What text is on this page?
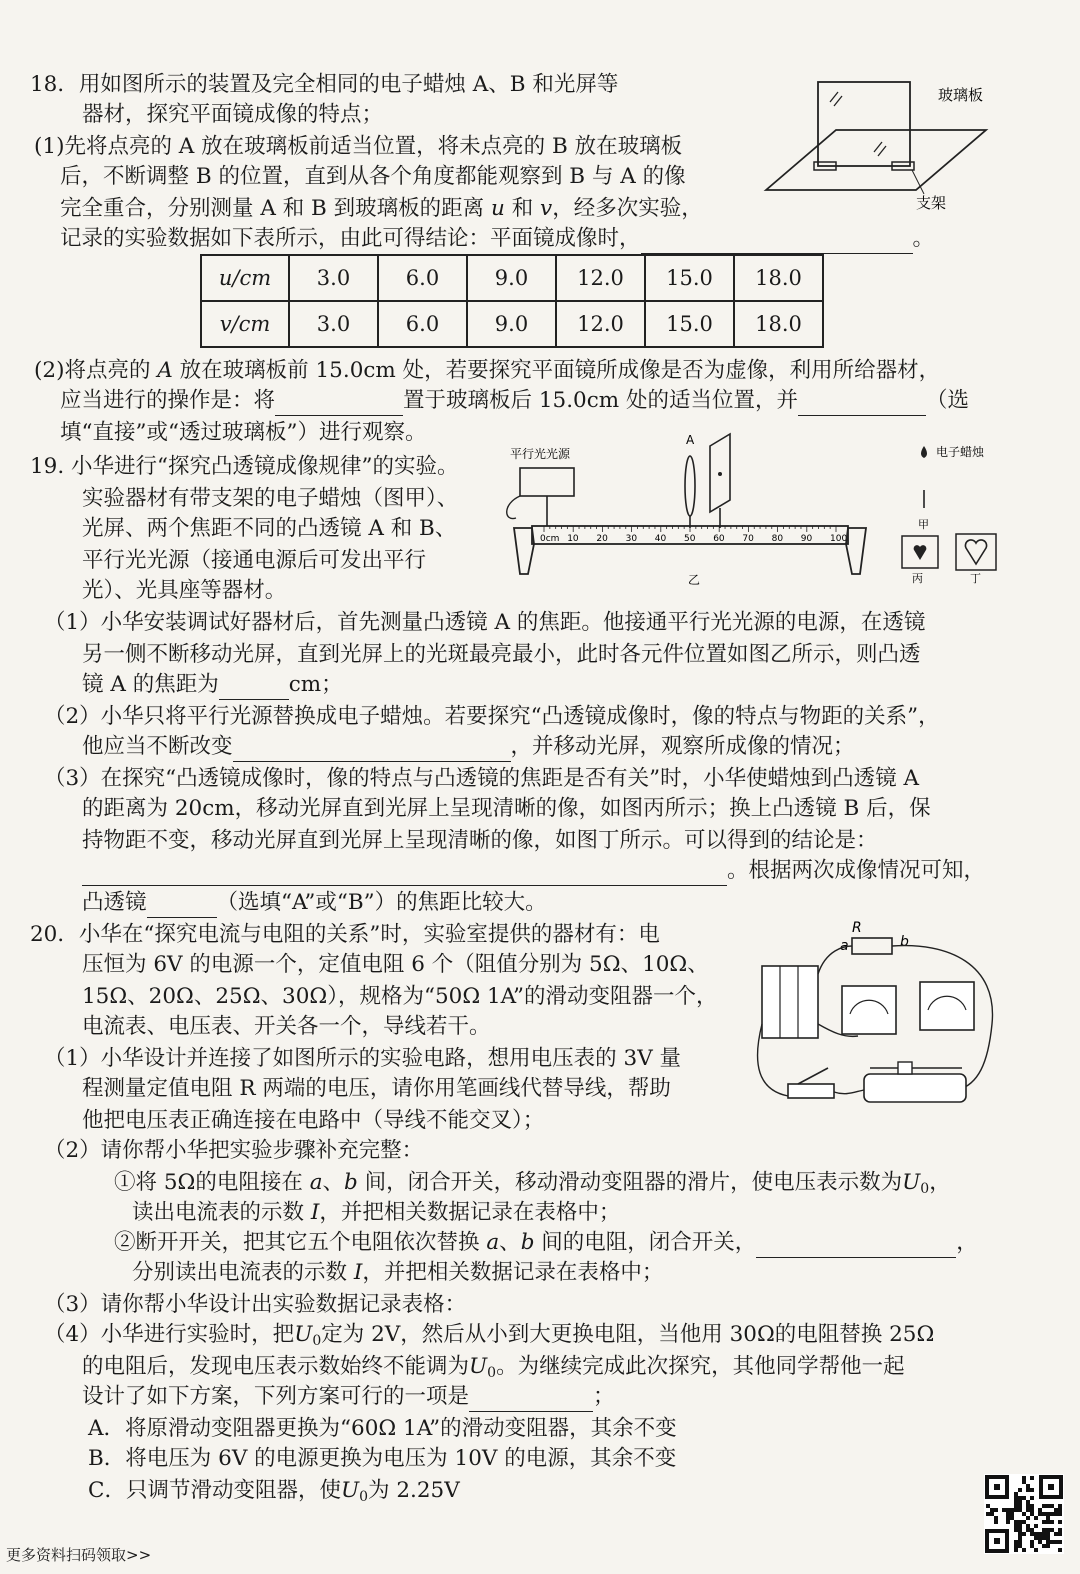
18．用如图所示的装置及完全相同的电子蜡烛 A、B 和光屏等
器材，探究平面镜成像的特点；
(1)先将点亮的 A 放在玻璃板前适当位置，将未点亮的 B 放在玻璃板
后，不断调整 B 的位置，直到从各个角度都能观察到 B 与 A 的像
完全重合，分别测量 A 和 B 到玻璃板的距离 u 和 v，经多次实验，
记录的实验数据如下表所示，由此可得结论：平面镜成像时，	。
u/cm	3.0	6.0	9.0	12.0	15.0	18.0
v/cm	3.0	6.0	9.0	12.0	15.0	18.0
(2)将点亮的 A 放在玻璃板前 15.0cm 处，若要探究平面镜所成像是否为虚像，利用所给器材，
应当进行的操作是：将	置于玻璃板后 15.0cm 处的适当位置，并	（选
填“直接”或“透过玻璃板”）进行观察。
玻璃板
支架
19. 小华进行“探究凸透镜成像规律”的实验。
实验器材有带支架的电子蜡烛（图甲）、
光屏、两个焦距不同的凸透镜 A 和 B、
平行光光源（接通电源后可发出平行
光）、光具座等器材。
平行光光源
A
0cm 10 20 30 40 50 60 70 80 90 100
乙
电子蜡烛
甲
丙	丁
（1）小华安装调试好器材后，首先测量凸透镜 A 的焦距。他接通平行光光源的电源，在透镜
另一侧不断移动光屏，直到光屏上的光斑最亮最小，此时各元件位置如图乙所示，则凸透
镜 A 的焦距为	cm；
（2）小华只将平行光源替换成电子蜡烛。若要探究“凸透镜成像时，像的特点与物距的关系”，
他应当不断改变	，并移动光屏，观察所成像的情况；
（3）在探究“凸透镜成像时，像的特点与凸透镜的焦距是否有关”时，小华使蜡烛到凸透镜 A
的距离为 20cm，移动光屏直到光屏上呈现清晰的像，如图丙所示；换上凸透镜 B 后，保
持物距不变，移动光屏直到光屏上呈现清晰的像，如图丁所示。可以得到的结论是：
。根据两次成像情况可知，
凸透镜	（选填“A”或“B”）的焦距比较大。
20．小华在“探究电流与电阻的关系”时，实验室提供的器材有：电
压恒为 6V 的电源一个，定值电阻 6 个（阻值分别为 5Ω、10Ω、
15Ω、20Ω、25Ω、30Ω），规格为“50Ω 1A”的滑动变阻器一个，
电流表、电压表、开关各一个，导线若干。
（1）小华设计并连接了如图所示的实验电路，想用电压表的 3V 量
程测量定值电阻 R 两端的电压，请你用笔画线代替导线，帮助
他把电压表正确连接在电路中（导线不能交叉）；
R
a	b
（2）请你帮小华把实验步骤补充完整：
①将 5Ω的电阻接在 a、b 间，闭合开关，移动滑动变阻器的滑片，使电压表示数为$U_0$，
读出电流表的示数 I，并把相关数据记录在表格中；
②断开开关，把其它五个电阻依次替换 a、b 间的电阻，闭合开关，	，
分别读出电流表的示数 I，并把相关数据记录在表格中；
（3）请你帮小华设计出实验数据记录表格：
（4）小华进行实验时，把$U_0$定为 2V，然后从小到大更换电阻，当他用 30Ω的电阻替换 25Ω
的电阻后，发现电压表示数始终不能调为$U_0$。为继续完成此次探究，其他同学帮他一起
设计了如下方案，下列方案可行的一项是	；
A．将原滑动变阻器更换为“60Ω 1A”的滑动变阻器，其余不变
B．将电压为 6V 的电源更换为电压为 10V 的电源，其余不变
C．只调节滑动变阻器，使$U_0$为 2.25V
更多资料扫码领取>>
